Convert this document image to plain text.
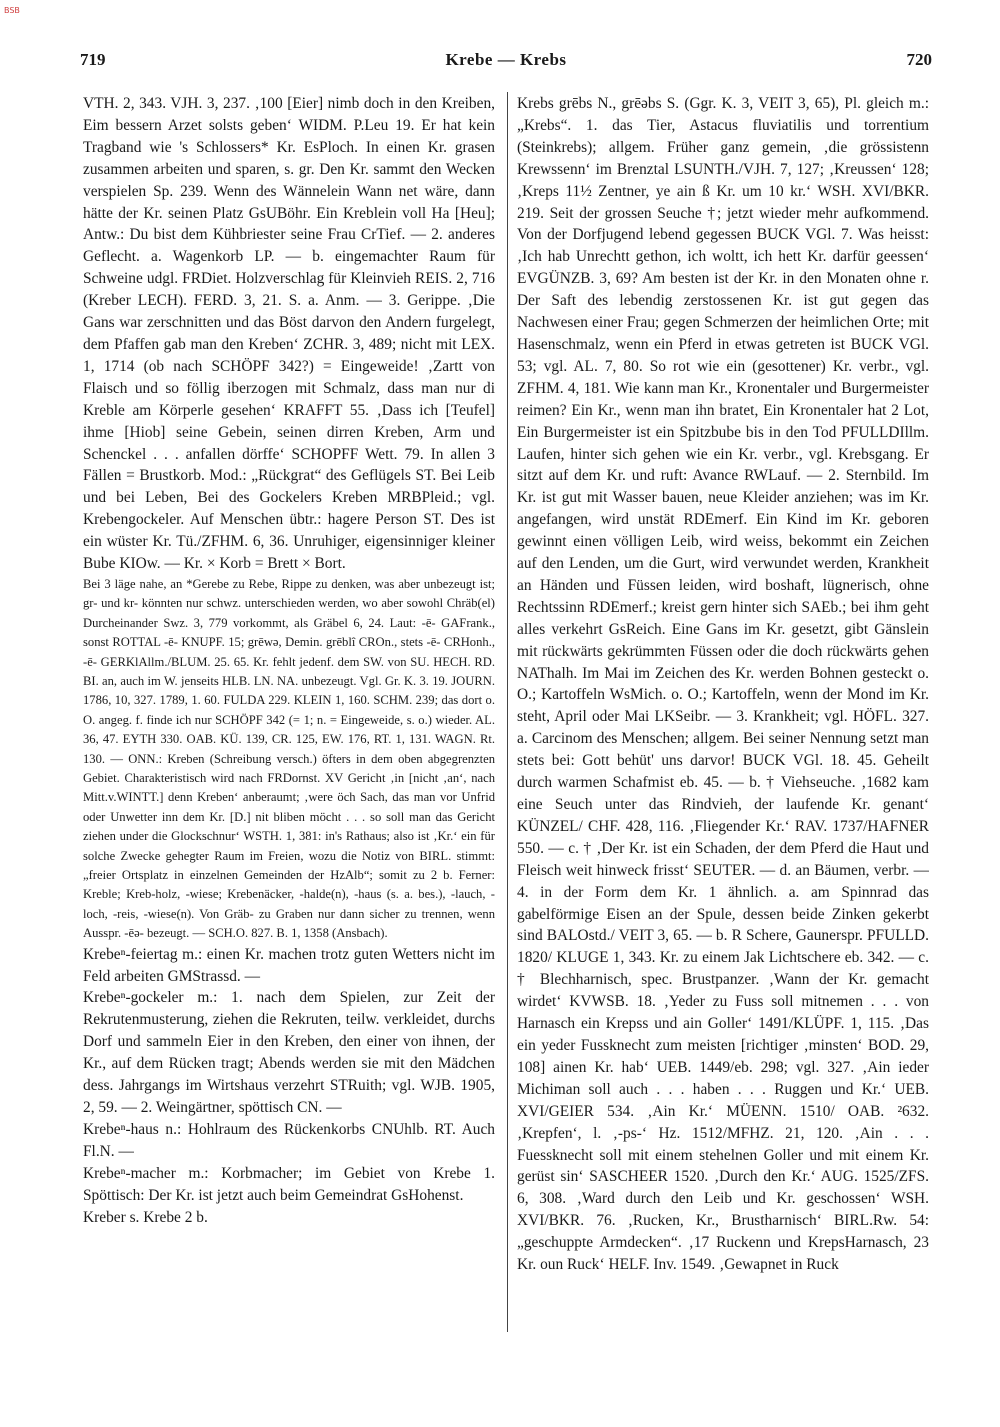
BSB
719	Krebe — Krebs	720

VTH. 2, 343. VJH. 3, 237. ‚100 [Eier] nimb doch in den Kreiben, Eim bessern Arzet solsts geben‘ WIDM. P.Leu 19. Er hat kein Tragband wie 's Schlossers* Kr. EsPloch. In einen Kr. grasen zusammen arbeiten und sparen, s. gr. Den Kr. sammt den Wecken verspielen Sp. 239. Wenn des Wännelein Wann net wäre, dann hätte der Kr. seinen Platz GsUBöhr. Ein Kreblein voll Ha [Heu]; Antw.: Du bist dem Kühbriester seine Frau CrTief. — 2. anderes Geflecht. a. Wagenkorb LP. — b. eingemachter Raum für Schweine udgl. FRDiet. Holzverschlag für Kleinvieh REIS. 2, 716 (Kreber LECH). FERD. 3, 21. S. a. Anm. — 3. Gerippe. ‚Die Gans war zerschnitten und das Böst darvon den Andern furgelegt, dem Pfaffen gab man den Kreben‘ ZCHR. 3, 489; nicht mit LEX. 1, 1714 (ob nach SCHÖPF 342?) = Eingeweide! ‚Zartt von Flaisch und so föllig iberzogen mit Schmalz, dass man nur di Kreble am Körperle gesehen‘ KRAFFT 55. ‚Dass ich [Teufel] ihme [Hiob] seine Gebein, seinen dirren Kreben, Arm und Schenckel . . . anfallen dörffe‘ SCHOPFF Wett. 79. In allen 3 Fällen = Brustkorb. Mod.: „Rückgrat“ des Geflügels ST. Bei Leib und bei Leben, Bei des Gockelers Kreben MRBPleid.; vgl. Krebengockeler. Auf Menschen übtr.: hagere Person ST. Des ist ein wüster Kr. Tü./ZFHM. 6, 36. Unruhiger, eigensinniger kleiner Bube KIOw. — Kr. × Korb = Brett × Bort.

Bei 3 läge nahe, an *Gerebe zu Rebe, Rippe zu denken, was aber unbezeugt ist; gr- und kr- könnten nur schwz. unterschieden werden, wo aber sowohl Chräb(el) Durcheinander Swz. 3, 779 vorkommt, als Gräbel 6, 24. Laut: -ē- GAFrank., sonst ROTTAL -ē- KNUPF. 15; grēwə, Demin. grēblî CROn., stets -ē- CRHonh., -ē- GERKlAllm./BLUM. 25. 65. Kr. fehlt jedenf. dem SW. von SU. HECH. RD. BI. an, auch im W. jenseits HLB. LN. NA. unbezeugt. Vgl. Gr. K. 3. 19. JOURN. 1786, 10, 327. 1789, 1. 60. FULDA 229. KLEIN 1, 160. SCHM. 239; das dort o. O. angeg. f. finde ich nur SCHÖPF 342 (= 1; n. = Eingeweide, s. o.) wieder. AL. 36, 47. EYTH 330. OAB. KÜ. 139, CR. 125, EW. 176, RT. 1, 131. WAGN. Rt. 130. — ONN.: Kreben (Schreibung versch.) öfters in dem oben abgegrenzten Gebiet. Charakteristisch wird nach FRDornst. XV Gericht ‚in [nicht ‚an‘, nach Mitt.v.WINTT.] denn Kreben‘ anberaumt; ‚were öch Sach, das man vor Unfrid oder Unwetter inn dem Kr. [D.] nit bliben möcht . . . so soll man das Gericht ziehen under die Glockschnur‘ WSTH. 1, 381: in's Rathaus; also ist ‚Kr.‘ ein für solche Zwecke gehegter Raum im Freien, wozu die Notiz von BIRL. stimmt: „freier Ortsplatz in einzelnen Gemeinden der HzAlb“; somit zu 2 b. Ferner: Kreble; Kreb-holz, -wiese; Krebenäcker, -halde(n), -haus (s. a. bes.), -lauch, -loch, -reis, -wiese(n). Von Gräb- zu Graben nur dann sicher zu trennen, wenn Ausspr. -ēə- bezeugt. — SCH.O. 827. B. 1, 1358 (Ansbach).

Krebeⁿ-feiertag m.: einen Kr. machen trotz guten Wetters nicht im Feld arbeiten GMStrassd. —

Krebeⁿ-gockeler m.: 1. nach dem Spielen, zur Zeit der Rekrutenmusterung, ziehen die Rekruten, teilw. verkleidet, durchs Dorf und sammeln Eier in den Kreben, den einer von ihnen, der Kr., auf dem Rücken tragt; Abends werden sie mit den Mädchen dess. Jahrgangs im Wirtshaus verzehrt STRuith; vgl. WJB. 1905, 2, 59. — 2. Weingärtner, spöttisch CN. —

Krebeⁿ-haus n.: Hohlraum des Rückenkorbs CNUhlb. RT. Auch Fl.N. —

Krebeⁿ-macher m.: Korbmacher; im Gebiet von Krebe 1. Spöttisch: Der Kr. ist jetzt auch beim Gemeindrat GsHohenst.

Kreber s. Krebe 2 b.

Krebs grēbs N., grēəbs S. (Ggr. K. 3, VEIT 3, 65), Pl. gleich m.: „Krebs“. 1. das Tier, Astacus fluviatilis und torrentium (Steinkrebs); allgem. Früher ganz gemein, ‚die grössistenn Krewssenn‘ im Brenztal LSUNTH./VJH. 7, 127; ‚Kreussen‘ 128; ‚Kreps 11½ Zentner, ye ain ß Kr. um 10 kr.‘ WSH. XVI/BKR. 219. Seit der grossen Seuche †; jetzt wieder mehr aufkommend. Von der Dorfjugend lebend gegessen BUCK VGl. 7. Was heisst: ‚Ich hab Unrechtt gethon, ich woltt, ich hett Kr. darfür geessen‘ EVGÜNZB. 3, 69? Am besten ist der Kr. in den Monaten ohne r. Der Saft des lebendig zerstossenen Kr. ist gut gegen das Nachwesen einer Frau; gegen Schmerzen der heimlichen Orte; mit Hasenschmalz, wenn ein Pferd in etwas getreten ist BUCK VGl. 53; vgl. AL. 7, 80. So rot wie ein (gesottener) Kr. verbr., vgl. ZFHM. 4, 181. Wie kann man Kr., Kronentaler und Burgermeister reimen? Ein Kr., wenn man ihn bratet, Ein Kronentaler hat 2 Lot, Ein Burgermeister ist ein Spitzbube bis in den Tod PFULLDIllm. Laufen, hinter sich gehen wie ein Kr. verbr., vgl. Krebsgang. Er sitzt auf dem Kr. und ruft: Avance RWLauf. — 2. Sternbild. Im Kr. ist gut mit Wasser bauen, neue Kleider anziehen; was im Kr. angefangen, wird unstät RDEmerf. Ein Kind im Kr. geboren gewinnt einen völligen Leib, wird weiss, bekommt ein Zeichen auf den Lenden, um die Gurt, wird verwundet werden, Krankheit an Händen und Füssen leiden, wird boshaft, lügnerisch, ohne Rechtssinn RDEmerf.; kreist gern hinter sich SAEb.; bei ihm geht alles verkehrt GsReich. Eine Gans im Kr. gesetzt, gibt Gänslein mit rückwärts gekrümmten Füssen oder die doch rückwärts gehen NAThalh. Im Mai im Zeichen des Kr. werden Bohnen gesteckt o. O.; Kartoffeln WsMich. o. O.; Kartoffeln, wenn der Mond im Kr. steht, April oder Mai LKSeibr. — 3. Krankheit; vgl. HÖFL. 327. a. Carcinom des Menschen; allgem. Bei seiner Nennung setzt man stets bei: Gott behüt' uns darvor! BUCK VGl. 18. 45. Geheilt durch warmen Schafmist eb. 45. — b. † Viehseuche. ‚1682 kam eine Seuch unter das Rindvieh, der laufende Kr. genant‘ KÜNZEL/ CHF. 428, 116. ‚Fliegender Kr.‘ RAV. 1737/HAFNER 550. — c. † ‚Der Kr. ist ein Schaden, der dem Pferd die Haut und Fleisch weit hinweck frisst‘ SEUTER. — d. an Bäumen, verbr. — 4. in der Form dem Kr. 1 ähnlich. a. am Spinnrad das gabelförmige Eisen an der Spule, dessen beide Zinken gekerbt sind BALOstd./ VEIT 3, 65. — b. R Schere, Gaunerspr. PFULLD. 1820/ KLUGE 1, 343. Kr. zu einem Jak Lichtschere eb. 342. — c. † Blechharnisch, spec. Brustpanzer. ‚Wann der Kr. gemacht wirdet‘ KVWSB. 18. ‚Yeder zu Fuss soll mitnemen . . . von Harnasch ein Krepss und ain Goller‘ 1491/KLÜPF. 1, 115. ‚Das ein yeder Fussknecht zum meisten [richtiger ‚minsten‘ BOD. 29, 108] ainen Kr. hab‘ UEB. 1449/eb. 298; vgl. 327. ‚Ain ieder Michiman soll auch . . . haben . . . Ruggen und Kr.‘ UEB. XVI/GEIER 534. ‚Ain Kr.‘ MÜENN. 1510/ OAB. ²632. ‚Krepfen‘, l. ‚-ps-‘ Hz. 1512/MFHZ. 21, 120. ‚Ain . . . Fuessknecht soll mit einem stehelnen Goller und mit einem Kr. gerüst sin‘ SASCHEER 1520. ‚Durch den Kr.‘ AUG. 1525/ZFS. 6, 308. ‚Ward durch den Leib und Kr. geschossen‘ WSH. XVI/BKR. 76. ‚Rucken, Kr., Brustharnisch‘ BIRL.Rw. 54: „geschuppte Armdecken“. ‚17 Ruckenn und KrepsHarnasch, 23 Kr. oun Ruck‘ HELF. Inv. 1549. ‚Gewapnet in Ruck
